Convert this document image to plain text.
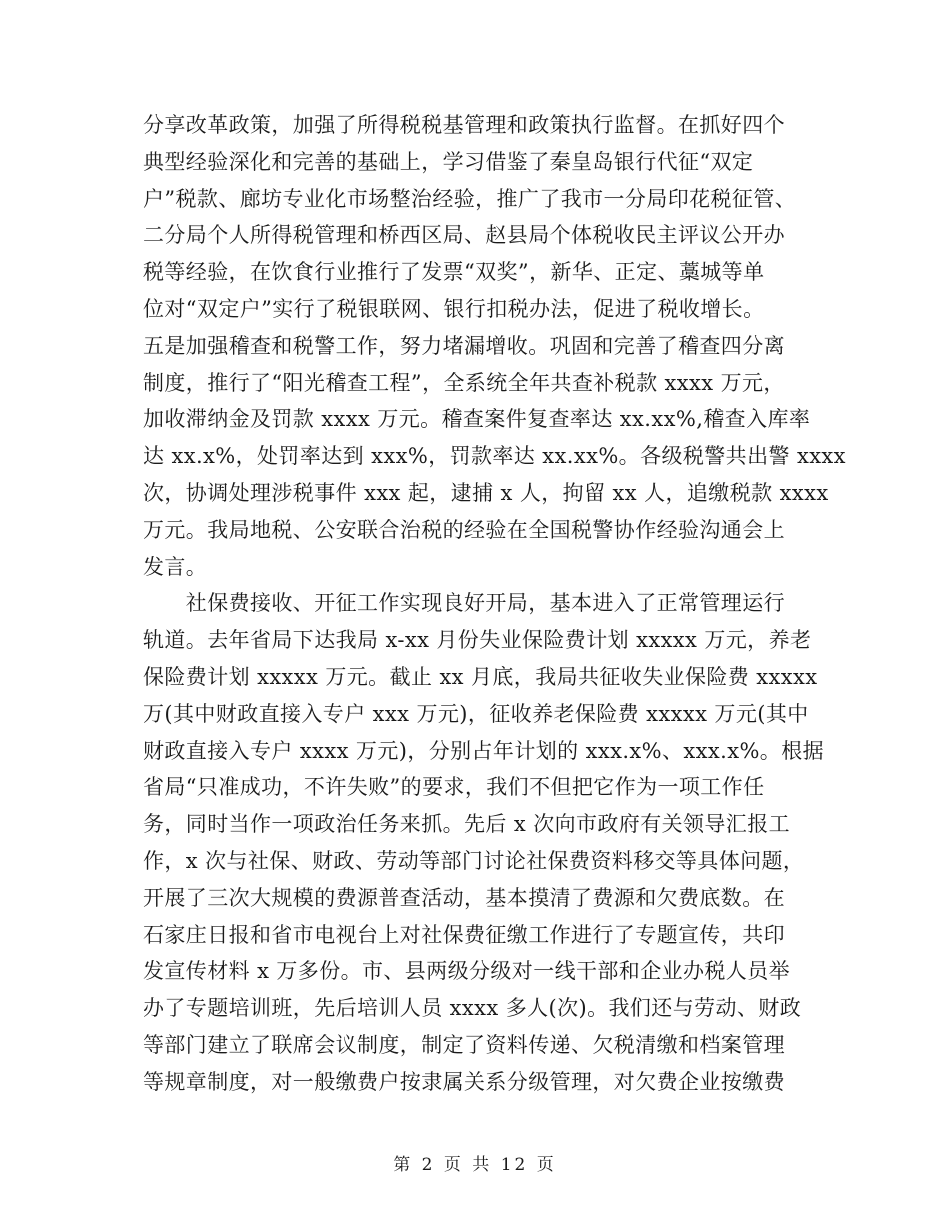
分享改革政策，加强了所得税税基管理和政策执行监督。在抓好四个
典型经验深化和完善的基础上，学习借鉴了秦皇岛银行代征“双定
户”税款、廊坊专业化市场整治经验，推广了我市一分局印花税征管、
二分局个人所得税管理和桥西区局、赵县局个体税收民主评议公开办
税等经验，在饮食行业推行了发票“双奖”，新华、正定、藁城等单
位对“双定户”实行了税银联网、银行扣税办法，促进了税收增长。
五是加强稽查和税警工作，努力堵漏增收。巩固和完善了稽查四分离
制度，推行了“阳光稽查工程”，全系统全年共查补税款 xxxx 万元，
加收滞纳金及罚款 xxxx 万元。稽查案件复查率达 xx.xx%,稽查入库率
达 xx.x%，处罚率达到 xxx%，罚款率达 xx.xx%。各级税警共出警 xxxx
次，协调处理涉税事件 xxx 起，逮捕 x 人，拘留 xx 人，追缴税款 xxxx
万元。我局地税、公安联合治税的经验在全国税警协作经验沟通会上
发言。
　　社保费接收、开征工作实现良好开局，基本进入了正常管理运行
轨道。去年省局下达我局 x-xx 月份失业保险费计划 xxxxx 万元，养老
保险费计划 xxxxx 万元。截止 xx 月底，我局共征收失业保险费 xxxxx
万(其中财政直接入专户 xxx 万元)，征收养老保险费 xxxxx 万元(其中
财政直接入专户 xxxx 万元)，分别占年计划的 xxx.x%、xxx.x%。根据
省局“只准成功，不许失败”的要求，我们不但把它作为一项工作任
务，同时当作一项政治任务来抓。先后 x 次向市政府有关领导汇报工
作，x 次与社保、财政、劳动等部门讨论社保费资料移交等具体问题，
开展了三次大规模的费源普查活动，基本摸清了费源和欠费底数。在
石家庄日报和省市电视台上对社保费征缴工作进行了专题宣传，共印
发宣传材料 x 万多份。市、县两级分级对一线干部和企业办税人员举
办了专题培训班，先后培训人员 xxxx 多人(次)。我们还与劳动、财政
等部门建立了联席会议制度，制定了资料传递、欠税清缴和档案管理
等规章制度，对一般缴费户按隶属关系分级管理，对欠费企业按缴费
第 2 页 共 12 页
